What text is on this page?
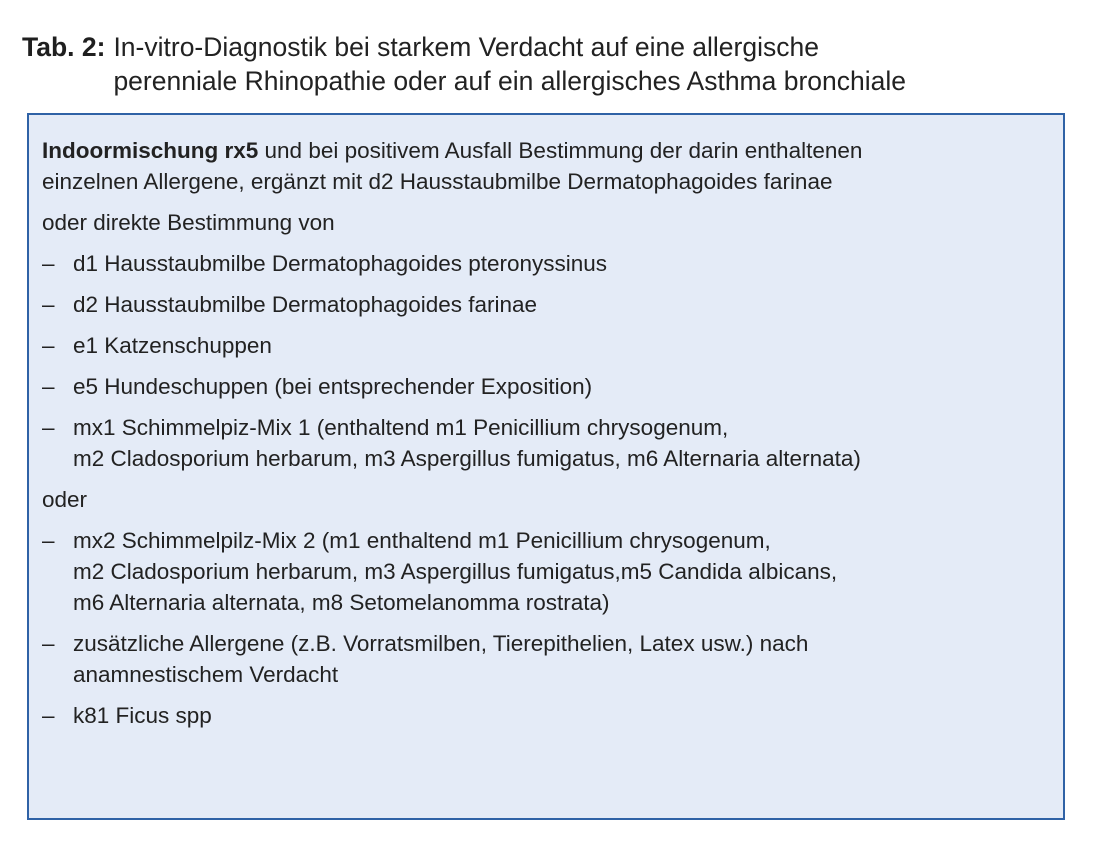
Tab. 2: In-vitro-Diagnostik bei starkem Verdacht auf eine allergische
perenniale Rhinopathie oder auf ein allergisches Asthma bronchiale
Indoormischung rx5 und bei positivem Ausfall Bestimmung der darin enthaltenen
einzelnen Allergene, ergänzt mit d2 Hausstaubmilbe Dermatophagoides farinae
oder direkte Bestimmung von
– d1 Hausstaubmilbe Dermatophagoides pteronyssinus
– d2 Hausstaubmilbe Dermatophagoides farinae
– e1 Katzenschuppen
– e5 Hundeschuppen (bei entsprechender Exposition)
– mx1 Schimmelpiz-Mix 1 (enthaltend m1 Penicillium chrysogenum,
m2 Cladosporium herbarum, m3 Aspergillus fumigatus, m6 Alternaria alternata)
oder
– mx2 Schimmelpilz-Mix 2 (m1 enthaltend m1 Penicillium chrysogenum,
m2 Cladosporium herbarum, m3 Aspergillus fumigatus,m5 Candida albicans,
m6 Alternaria alternata, m8 Setomelanomma rostrata)
– zusätzliche Allergene (z.B. Vorratsmilben, Tierepithelien, Latex usw.) nach
anamnestischem Verdacht
– k81 Ficus spp
